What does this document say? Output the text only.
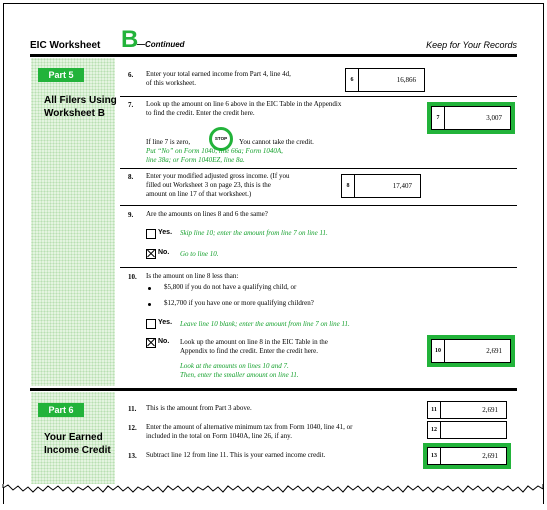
EIC Worksheet B
—Continued	Keep for Your Records
Part 5
All Filers Using
Worksheet B
6. Enter your total earned income from Part 4, line 4d,
of this worksheet.	6	16,866
7. Look up the amount on line 6 above in the EIC Table in the Appendix
to find the credit. Enter the credit here.
7	3,007
If line 7 is zero,	STOP	You cannot take the credit.
Put “No” on Form 1040, line 66a; Form 1040A,
line 38a; or Form 1040EZ, line 8a.
8. Enter your modified adjusted gross income. (If you
filled out Worksheet 3 on page 23, this is the
amount on line 17 of that worksheet.)
8	17,407
9. Are the amounts on lines 8 and 6 the same?
Yes. Skip line 10; enter the amount from line 7 on line 11.
No. Go to line 10.
10. Is the amount on line 8 less than:
$5,800 if you do not have a qualifying child, or
$12,700 if you have one or more qualifying children?
Yes. Leave line 10 blank; enter the amount from line 7 on line 11.
No. Look up the amount on line 8 in the EIC Table in the
Appendix to find the credit. Enter the credit here.
Look at the amounts on lines 10 and 7.
Then, enter the smaller amount on line 11.
10	2,691
Part 6
Your Earned
Income Credit
11. This is the amount from Part 3 above.	11	2,691
12. Enter the amount of alternative minimum tax from Form 1040, line 41, or
included in the total on Form 1040A, line 26, if any.
12
13. Subtract line 12 from line 11. This is your earned income credit.	13	2,691
